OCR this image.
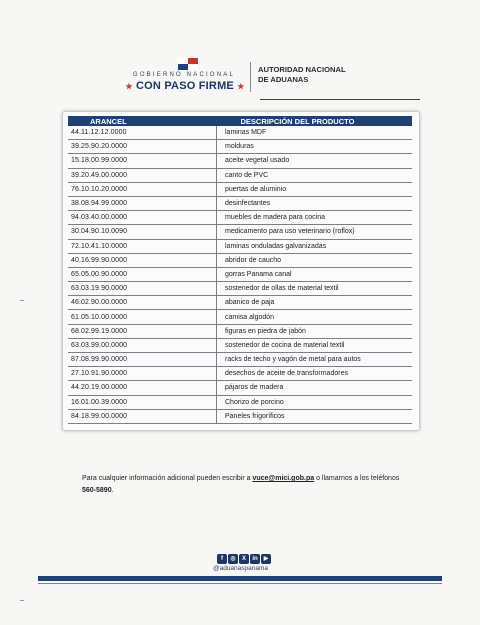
GOBIERNO NACIONAL
★ CON PASO FIRME ★
AUTORIDAD NACIONAL
DE ADUANAS
ARANCEL	DESCRIPCIÓN DEL PRODUCTO
44.11.12.12.0000	laminas MDF
39.25.90.20.0000	molduras
15.18.00.99.0000	aceite vegetal usado
39.20.49.00.0000	canto de PVC
76.10.10.20.0000	puertas de aluminio
38.08.94.99.0000	desinfectantes
94.03.40.00.0000	muebles de madera para cocina
30.04.90.10.0090	medicamento para uso veterinario (roflox)
72.10.41.10.0000	laminas onduladas galvanizadas
40.16.99.90.0000	abridor de caucho
65.05.00.90.0000	gorras Panama canal
63.03.19.90.0000	sostenedor de ollas de material textil
46.02.90.00.0000	abanico de paja
61.05.10.00.0000	camisa algodón
68.02.99.19.0000	figuras en piedra de jabón
63.03.99.00.0000	sostenedor de cocina de material textil
87.08.99.90.0000	racks de techo y vagón de metal para autos
27.10.91.90.0000	desechos de aceite de transformadores
44.20.19.00.0000	pájaros de madera
16.01.00.39.0000	Chorizo de porcino
84.18.99.00.0000	Paneles frigoríficos
Para cualquier información adicional pueden escribir a vuce@mici.gob.pa o llamarnos a los teléfonos 560-5890.
f	◎	X	in	▶
@aduanaspanama
